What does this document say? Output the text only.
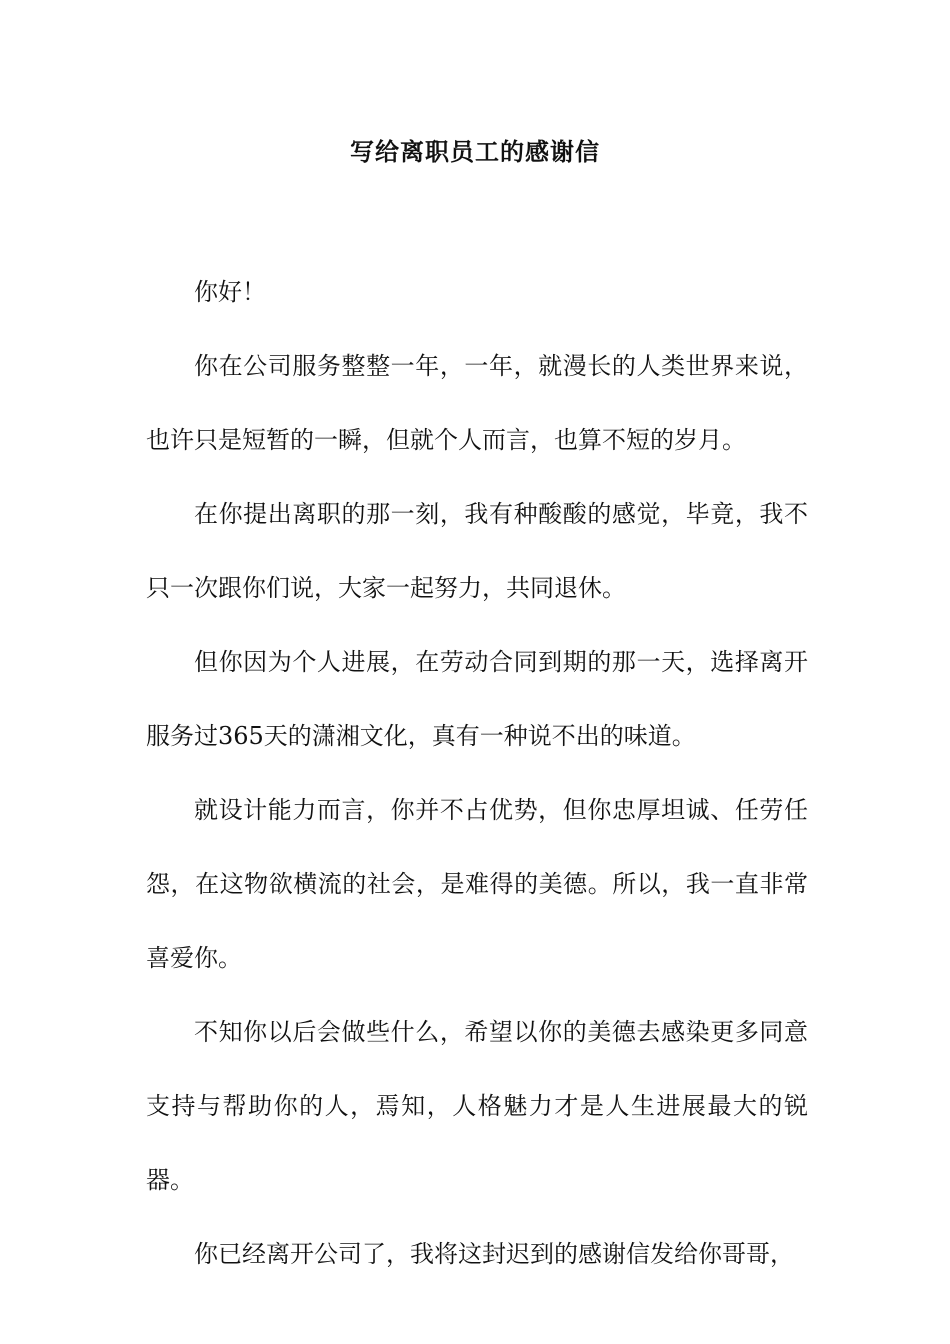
写给离职员工的感谢信

你好！

你在公司服务整整一年，一年，就漫长的人类世界来说，也许只是短暂的一瞬，但就个人而言，也算不短的岁月。

在你提出离职的那一刻，我有种酸酸的感觉，毕竟，我不只一次跟你们说，大家一起努力，共同退休。

但你因为个人进展，在劳动合同到期的那一天，选择离开服务过365天的潇湘文化，真有一种说不出的味道。

就设计能力而言，你并不占优势，但你忠厚坦诚、任劳任怨，在这物欲横流的社会，是难得的美德。所以，我一直非常喜爱你。

不知你以后会做些什么，希望以你的美德去感染更多同意支持与帮助你的人，焉知，人格魅力才是人生进展最大的锐器。

你已经离开公司了，我将这封迟到的感谢信发给你哥哥，
